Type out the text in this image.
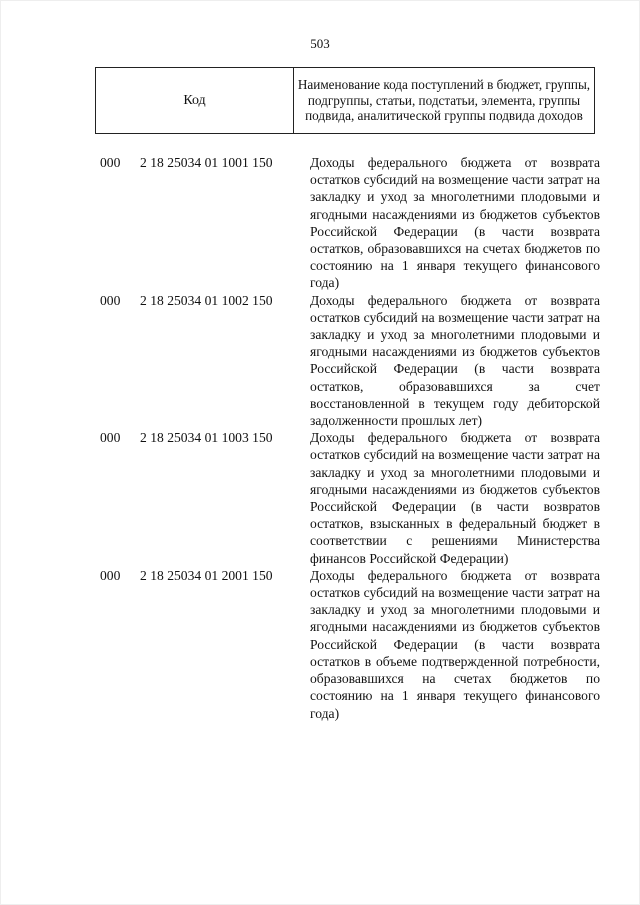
503
Код	Наименование кода поступлений в бюджет, группы, подгруппы, статьи, подстатьи, элемента, группы подвида, аналитической группы подвида доходов
000	2 18 25034 01 1001 150	Доходы федерального бюджета от возврата остатков субсидий на возмещение части затрат на закладку и уход за многолетними плодовыми и ягодными насаждениями из бюджетов субъектов Российской Федерации (в части возврата остатков, образовавшихся на счетах бюджетов по состоянию на 1 января текущего финансового года)
000	2 18 25034 01 1002 150	Доходы федерального бюджета от возврата остатков субсидий на возмещение части затрат на закладку и уход за многолетними плодовыми и ягодными насаждениями из бюджетов субъектов Российской Федерации (в части возврата остатков, образовавшихся за счет восстановленной в текущем году дебиторской задолженности прошлых лет)
000	2 18 25034 01 1003 150	Доходы федерального бюджета от возврата остатков субсидий на возмещение части затрат на закладку и уход за многолетними плодовыми и ягодными насаждениями из бюджетов субъектов Российской Федерации (в части возвратов остатков, взысканных в федеральный бюджет в соответствии с решениями Министерства финансов Российской Федерации)
000	2 18 25034 01 2001 150	Доходы федерального бюджета от возврата остатков субсидий на возмещение части затрат на закладку и уход за многолетними плодовыми и ягодными насаждениями из бюджетов субъектов Российской Федерации (в части возврата остатков в объеме подтвержденной потребности, образовавшихся на счетах бюджетов по состоянию на 1 января текущего финансового года)
